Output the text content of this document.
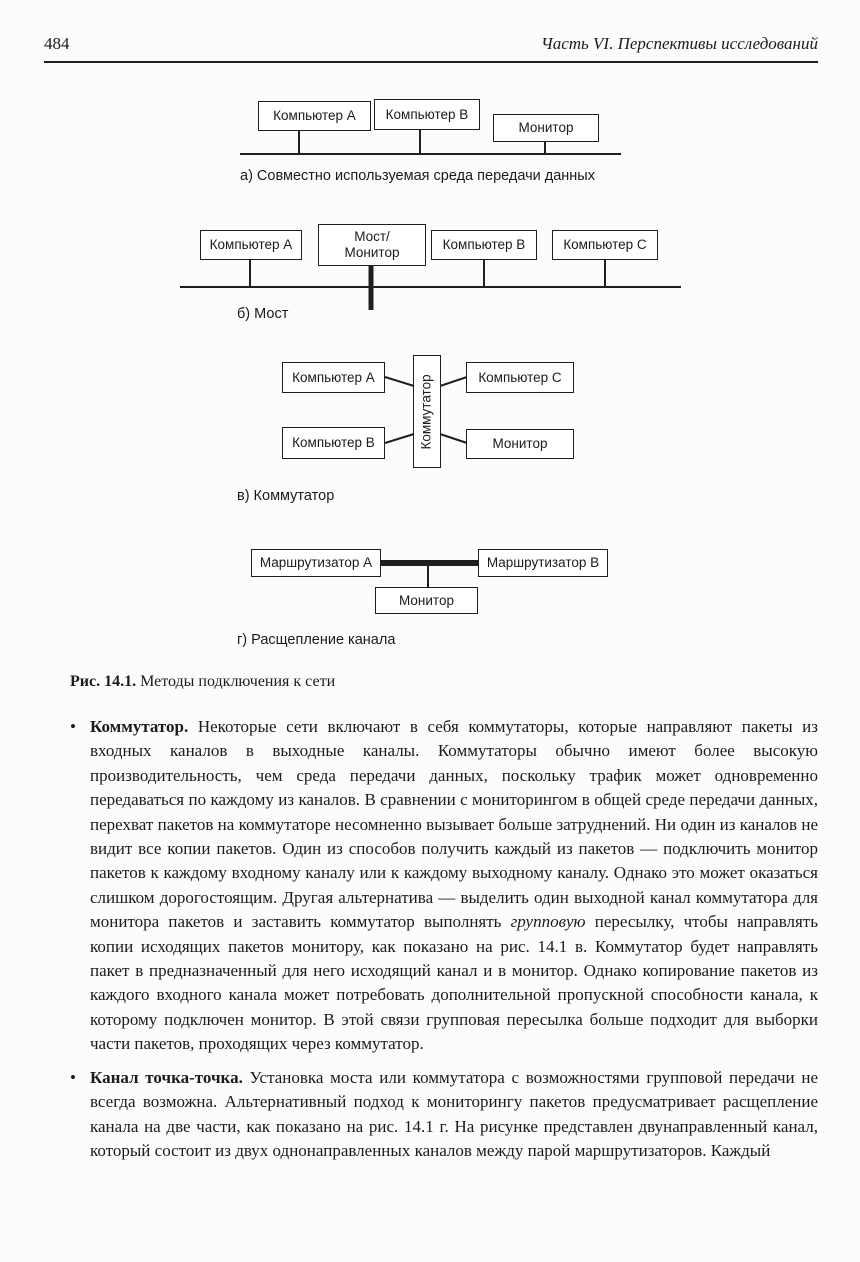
484	Часть VI. Перспективы исследований
Компьютер A Компьютер B
Монитор
а) Совместно используемая среда передачи данных
Компьютер A
Мост/
Монитор
Компьютер B	Компьютер C
б) Мост
Компьютер A
Компьютер B	Коммутатор	Компьютер C
Монитор
в) Коммутатор
Маршрутизатор A	Маршрутизатор B
Монитор
г) Расщепление канала
Рис. 14.1. Методы подключения к сети
• Коммутатор. Некоторые сети включают в себя коммутаторы, которые направляют пакеты из входных каналов в выходные каналы. Коммутаторы обычно имеют более высокую производительность, чем среда передачи данных, поскольку трафик может одновременно передаваться по каждому из каналов. В сравнении с мониторингом в общей среде передачи данных, перехват пакетов на коммутаторе несомненно вызывает больше затруднений. Ни один из каналов не видит все копии пакетов. Один из способов получить каждый из пакетов — подключить монитор пакетов к каждому входному каналу или к каждому выходному каналу. Однако это может оказаться слишком дорогостоящим. Другая альтернатива — выделить один выходной канал коммутатора для монитора пакетов и заставить коммутатор выполнять групповую пересылку, чтобы направлять копии исходящих пакетов монитору, как показано на рис. 14.1 в. Коммутатор будет направлять пакет в предназначенный для него исходящий канал и в монитор. Однако копирование пакетов из каждого входного канала может потребовать дополнительной пропускной способности канала, к которому подключен монитор. В этой связи групповая пересылка больше подходит для выборки части пакетов, проходящих через коммутатор.
• Канал точка-точка. Установка моста или коммутатора с возможностями групповой передачи не всегда возможна. Альтернативный подход к мониторингу пакетов предусматривает расщепление канала на две части, как показано на рис. 14.1 г. На рисунке представлен двунаправленный канал, который состоит из двух однонаправленных каналов между парой маршрутизаторов. Каждый
